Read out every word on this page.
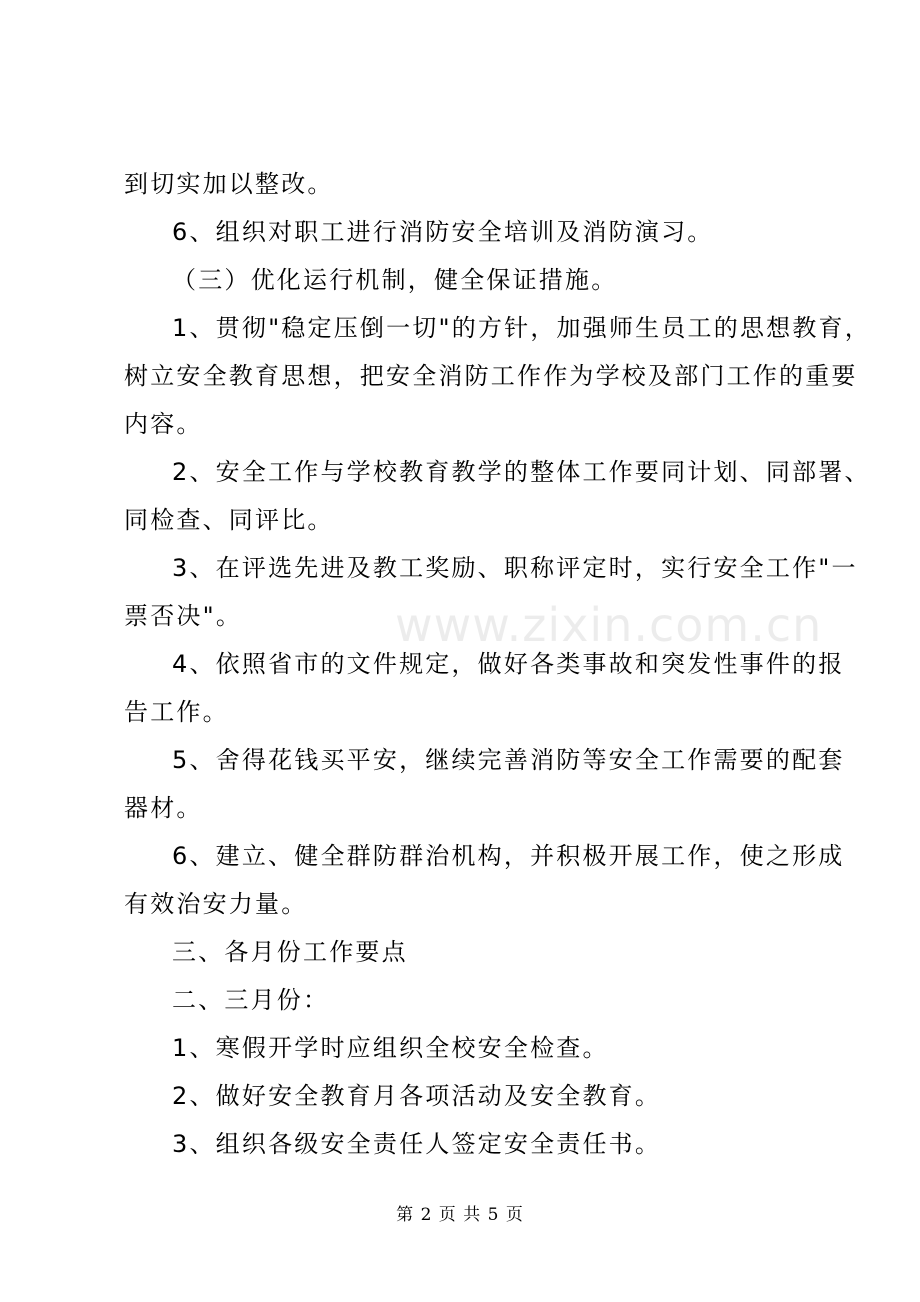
www.zixin.com.cn
到切实加以整改。
6、组织对职工进行消防安全培训及消防演习。
（三）优化运行机制，健全保证措施。
1、贯彻"稳定压倒一切"的方针，加强师生员工的思想教育，
树立安全教育思想，把安全消防工作作为学校及部门工作的重要
内容。
2、安全工作与学校教育教学的整体工作要同计划、同部署、
同检查、同评比。
3、在评选先进及教工奖励、职称评定时，实行安全工作"一
票否决"。
4、依照省市的文件规定，做好各类事故和突发性事件的报
告工作。
5、舍得花钱买平安，继续完善消防等安全工作需要的配套
器材。
6、建立、健全群防群治机构，并积极开展工作，使之形成
有效治安力量。
三、各月份工作要点
二、三月份：
1、寒假开学时应组织全校安全检查。
2、做好安全教育月各项活动及安全教育。
3、组织各级安全责任人签定安全责任书。
第 2 页 共 5 页
